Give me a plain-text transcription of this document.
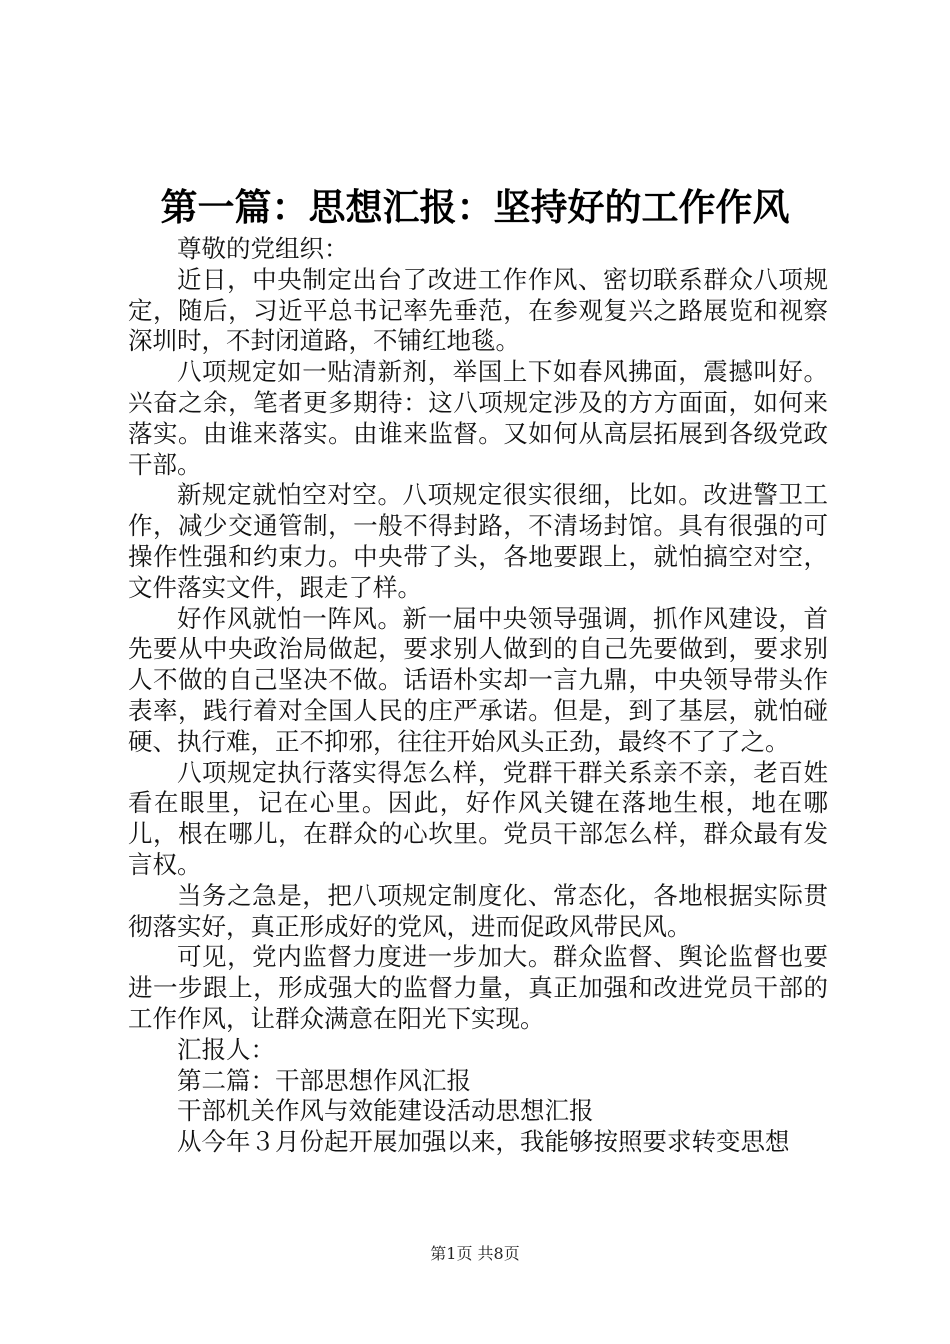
第一篇：思想汇报：坚持好的工作作风

尊敬的党组织：

近日，中央制定出台了改进工作作风、密切联系群众八项规定，随后，习近平总书记率先垂范，在参观复兴之路展览和视察深圳时，不封闭道路，不铺红地毯。

八项规定如一贴清新剂，举国上下如春风拂面，震撼叫好。兴奋之余，笔者更多期待：这八项规定涉及的方方面面，如何来落实。由谁来落实。由谁来监督。又如何从高层拓展到各级党政干部。

新规定就怕空对空。八项规定很实很细，比如。改进警卫工作，减少交通管制，一般不得封路，不清场封馆。具有很强的可操作性强和约束力。中央带了头，各地要跟上，就怕搞空对空，文件落实文件，跟走了样。

好作风就怕一阵风。新一届中央领导强调，抓作风建设，首先要从中央政治局做起，要求别人做到的自己先要做到，要求别人不做的自己坚决不做。话语朴实却一言九鼎，中央领导带头作表率，践行着对全国人民的庄严承诺。但是，到了基层，就怕碰硬、执行难，正不抑邪，往往开始风头正劲，最终不了了之。

八项规定执行落实得怎么样，党群干群关系亲不亲，老百姓看在眼里，记在心里。因此，好作风关键在落地生根，地在哪儿，根在哪儿，在群众的心坎里。党员干部怎么样，群众最有发言权。

当务之急是，把八项规定制度化、常态化，各地根据实际贯彻落实好，真正形成好的党风，进而促政风带民风。

可见，党内监督力度进一步加大。群众监督、舆论监督也要进一步跟上，形成强大的监督力量，真正加强和改进党员干部的工作作风，让群众满意在阳光下实现。

汇报人：

第二篇：干部思想作风汇报

干部机关作风与效能建设活动思想汇报

从今年３月份起开展加强以来，我能够按照要求转变思想

第1页 共8页
